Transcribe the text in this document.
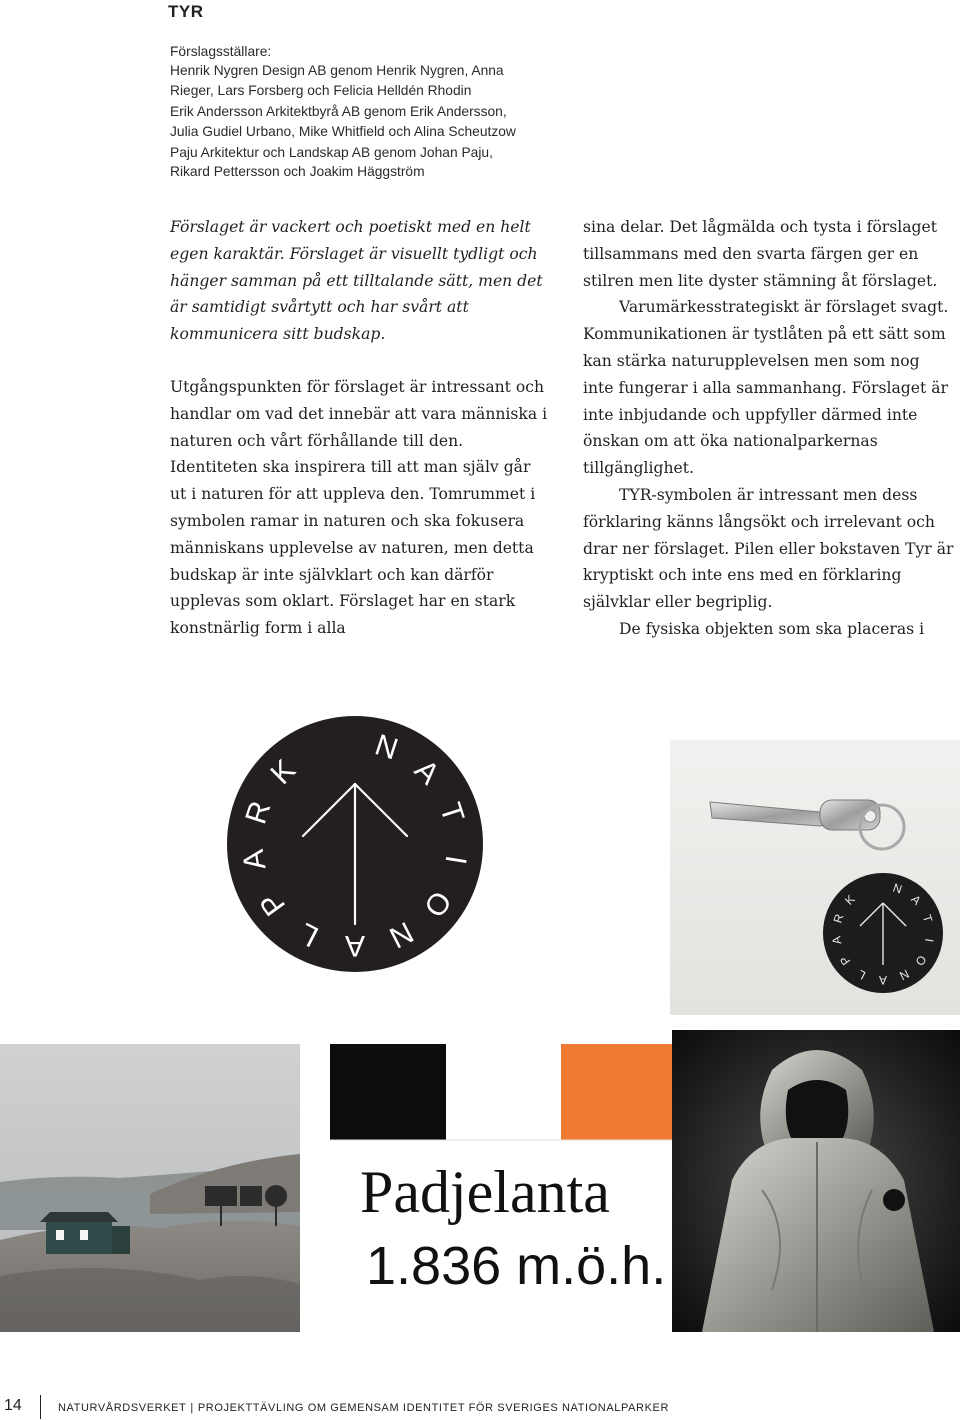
TYR

Förslagsställare:

Henrik Nygren Design AB genom Henrik Nygren, Anna

Rieger, Lars Forsberg och Felicia Helldén Rhodin

Erik Andersson Arkitektbyrå AB genom Erik Andersson,

Julia Gudiel Urbano, Mike Whitfield och Alina Scheutzow

Paju Arkitektur och Landskap AB genom Johan Paju,

Rikard Pettersson och Joakim Häggström

Förslaget är vackert och poetiskt med en helt egen karaktär. Förslaget är visuellt tydligt och hänger samman på ett tilltalande sätt, men det är samtidigt svårtytt och har svårt att kommunicera sitt budskap.

Utgångspunkten för förslaget är intressant och handlar om vad det innebär att vara människa i naturen och vårt förhållande till den. Identiteten ska inspirera till att man själv går ut i naturen för att uppleva den. Tomrummet i symbolen ramar in naturen och ska fokusera människans upplevelse av naturen, men detta budskap är inte självklart och kan därför upplevas som oklart. Förslaget har en stark konstnärlig form i alla

sina delar. Det lågmälda och tysta i förslaget tillsammans med den svarta färgen ger en stilren men lite dyster stämning åt förslaget.

Varumärkesstrategiskt är förslaget svagt. Kommunikationen är tystlåten på ett sätt som kan stärka naturupplevelsen men som nog inte fungerar i alla sammanhang. Förslaget är inte inbjudande och uppfyller därmed inte önskan om att öka nationalparkernas tillgänglighet.

TYR-symbolen är intressant men dess förklaring känns långsökt och irrelevant och drar ner förslaget. Pilen eller bokstaven Tyr är kryptiskt och inte ens med en förklaring självklar eller begriplig.

De fysiska objekten som ska placeras i

N
A
T
I
O
N
A
L
P
A
R
K
N
A
T
I
O
N
A
L
P
A
R
K
Padjelanta
1.836 m.ö.h.
14	NATURVÅRDSVERKET | PROJEKTTÄVLING OM GEMENSAM IDENTITET FÖR SVERIGES NATIONALPARKER
